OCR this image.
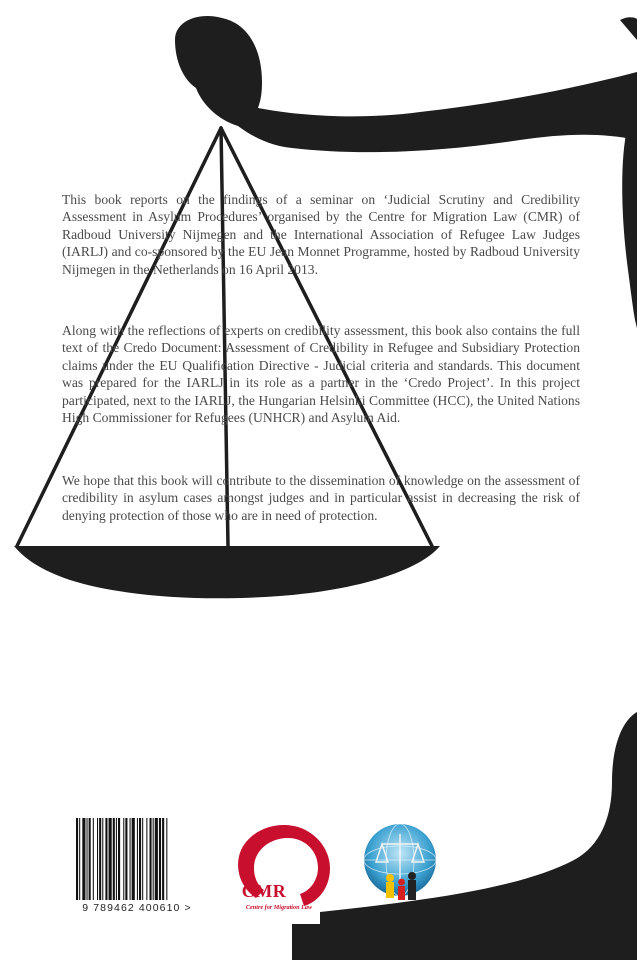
This book reports on the findings of a seminar on ‘Judicial Scrutiny and Credibility Assessment in Asylum Procedures’ organised by the Centre for Migration Law (CMR) of Radboud University Nijmegen and the International Association of Refugee Law Judges (IARLJ) and co-sponsored by the EU Jean Monnet Programme, hosted by Radboud University Nijmegen in the Netherlands on 16 April 2013.

Along with the reflections of experts on credibility assessment, this book also contains the full text of the Credo Document: Assessment of Credibility in Refugee and Subsidiary Protection claims under the EU Qualification Directive - Judicial criteria and standards. This document was prepared for the IARLJ in its role as a partner in the ‘Credo Project’. In this project participated, next to the IARLJ, the Hungarian Helsinki Committee (HCC), the United Nations High Commissioner for Refugees (UNHCR) and Asylum Aid.

We hope that this book will contribute to the dissemination of knowledge on the assessment of credibility in asylum cases amongst judges and in particular assist in decreasing the risk of denying protection of those who are in need of protection.

9 789462 400610 >
CMR
Centre for Migration Law
